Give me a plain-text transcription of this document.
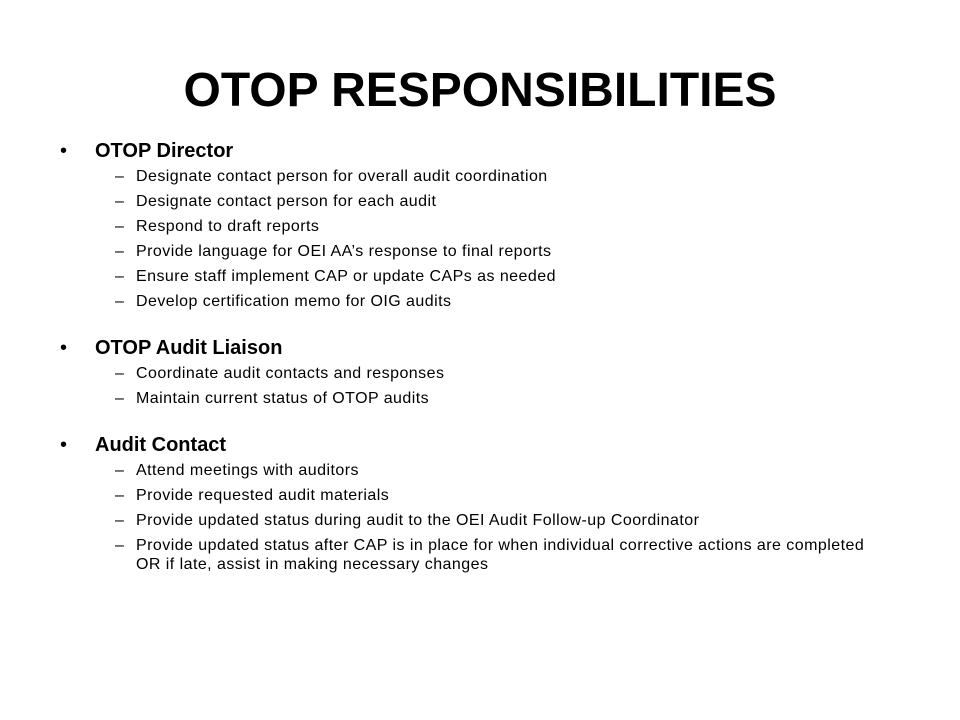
OTOP RESPONSIBILITIES
•	OTOP Director
– Designate contact person for overall audit coordination
– Designate contact person for each audit
– Respond to draft reports
– Provide language for OEI AA’s response to final reports
– Ensure staff implement CAP or update CAPs as needed
– Develop certification memo for OIG audits
•	OTOP Audit Liaison
– Coordinate audit contacts and responses
– Maintain current status of OTOP audits
•	Audit Contact
– Attend meetings with auditors
– Provide requested audit materials
– Provide updated status during audit to the OEI Audit Follow-up Coordinator
– Provide updated status after CAP is in place for when individual corrective actions are completed OR if late, assist in making necessary changes
